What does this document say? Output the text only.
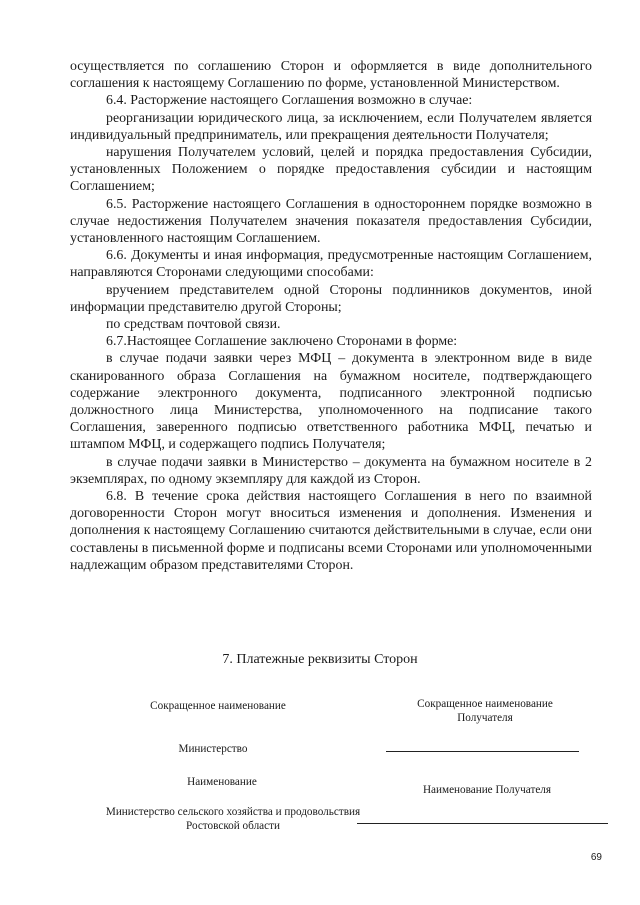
осуществляется по соглашению Сторон и оформляется в виде дополнительного соглашения к настоящему Соглашению по форме, установленной Министерством.

6.4. Расторжение настоящего Соглашения возможно в случае:

реорганизации юридического лица, за исключением, если Получателем является индивидуальный предприниматель, или прекращения деятельности Получателя;

нарушения Получателем условий, целей и порядка предоставления Субсидии, установленных Положением о порядке предоставления субсидии и настоящим Соглашением;

6.5. Расторжение настоящего Соглашения в одностороннем порядке возможно в случае недостижения Получателем значения показателя предоставления Субсидии, установленного настоящим Соглашением.

6.6. Документы и иная информация, предусмотренные настоящим Соглашением, направляются Сторонами следующими способами:

вручением представителем одной Стороны подлинников документов, иной информации представителю другой Стороны;

по средствам почтовой связи.

6.7.Настоящее Соглашение заключено Сторонами в форме:

в случае подачи заявки через МФЦ – документа в электронном виде в виде сканированного образа Соглашения на бумажном носителе, подтверждающего содержание электронного документа, подписанного электронной подписью должностного лица Министерства, уполномоченного на подписание такого Соглашения, заверенного подписью ответственного работника МФЦ, печатью и штампом МФЦ, и содержащего подпись Получателя;

в случае подачи заявки в Министерство – документа на бумажном носителе в 2 экземплярах, по одному экземпляру для каждой из Сторон.

6.8. В течение срока действия настоящего Соглашения в него по взаимной договоренности Сторон могут вноситься изменения и дополнения. Изменения и дополнения к настоящему Соглашению считаются действительными в случае, если они составлены в письменной форме и подписаны всеми Сторонами или уполномоченными надлежащим образом представителями Сторон.

7. Платежные реквизиты Сторон
Сокращенное наименование	Сокращенное наименование Получателя
Министерство
Наименование
Наименование Получателя
Министерство сельского хозяйства и продовольствия Ростовской области
69
